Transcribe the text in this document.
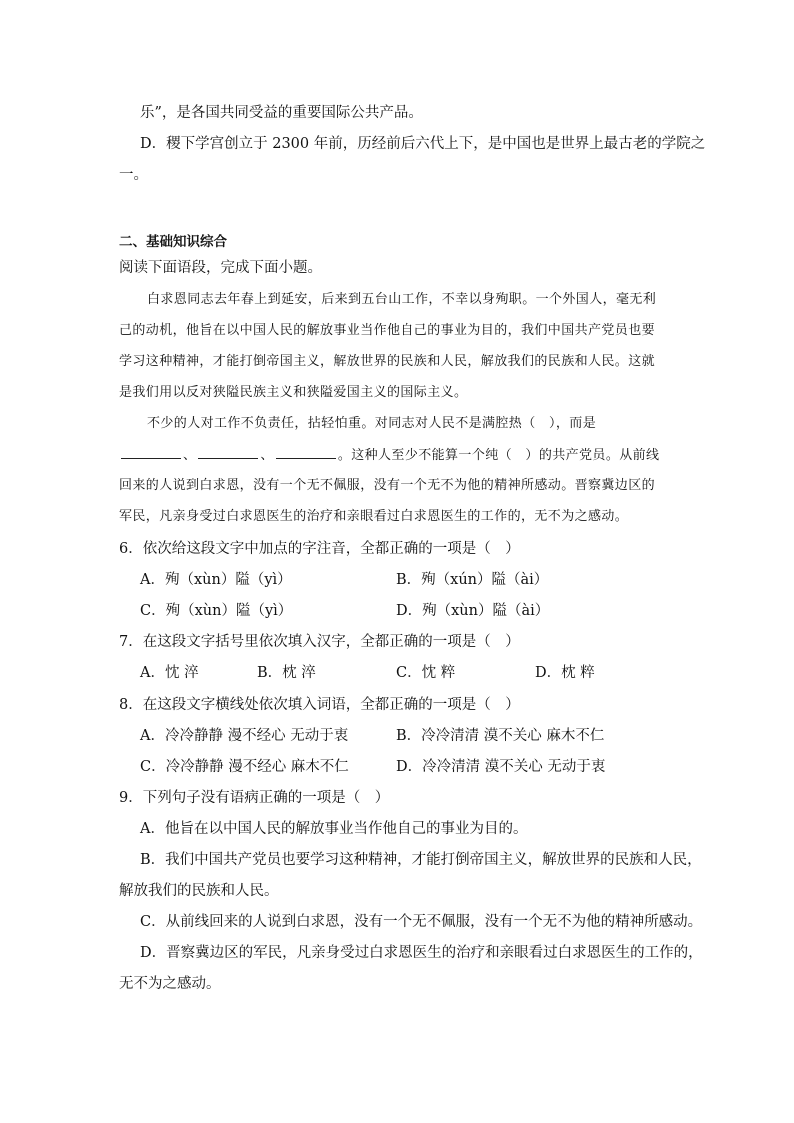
乐”，是各国共同受益的重要国际公共产品。
D．稷下学宫创立于 2300 年前，历经前后六代上下，是中国也是世界上最古老的学院之
一。
二、基础知识综合
阅读下面语段，完成下面小题。
白求恩同志去年春上到延安，后来到五台山工作，不幸以身殉职。一个外国人，毫无利
己的动机，他旨在以中国人民的解放事业当作他自己的事业为目的，我们中国共产党员也要
学习这种精神，才能打倒帝国主义，解放世界的民族和人民，解放我们的民族和人民。这就
是我们用以反对狭隘民族主义和狭隘爱国主义的国际主义。
不少的人对工作不负责任，拈轻怕重。对同志对人民不是满腔热（　），而是
、	、	。这种人至少不能算一个纯（　）的共产党员。从前线
回来的人说到白求恩，没有一个无不佩服，没有一个无不为他的精神所感动。晋察冀边区的
军民，凡亲身受过白求恩医生的治疗和亲眼看过白求恩医生的工作的，无不为之感动。
6．依次给这段文字中加点的字注音，全都正确的一项是（　）
A．殉（xùn）隘（yì）	B．殉（xún）隘（ài）
C．殉（xùn）隘（yì）	D．殉（xùn）隘（ài）
7．在这段文字括号里依次填入汉字，全都正确的一项是（　）
A．忱 淬	B．枕 淬	C．忱 粹	D．枕 粹
8．在这段文字横线处依次填入词语，全都正确的一项是（　）
A．冷冷静静 漫不经心 无动于衷	B．冷冷清清 漠不关心 麻木不仁
C．冷冷静静 漫不经心 麻木不仁	D．冷冷清清 漠不关心 无动于衷
9．下列句子没有语病正确的一项是（　）
A．他旨在以中国人民的解放事业当作他自己的事业为目的。
B．我们中国共产党员也要学习这种精神，才能打倒帝国主义，解放世界的民族和人民，
解放我们的民族和人民。
C．从前线回来的人说到白求恩，没有一个无不佩服，没有一个无不为他的精神所感动。
D．晋察冀边区的军民，凡亲身受过白求恩医生的治疗和亲眼看过白求恩医生的工作的，
无不为之感动。
